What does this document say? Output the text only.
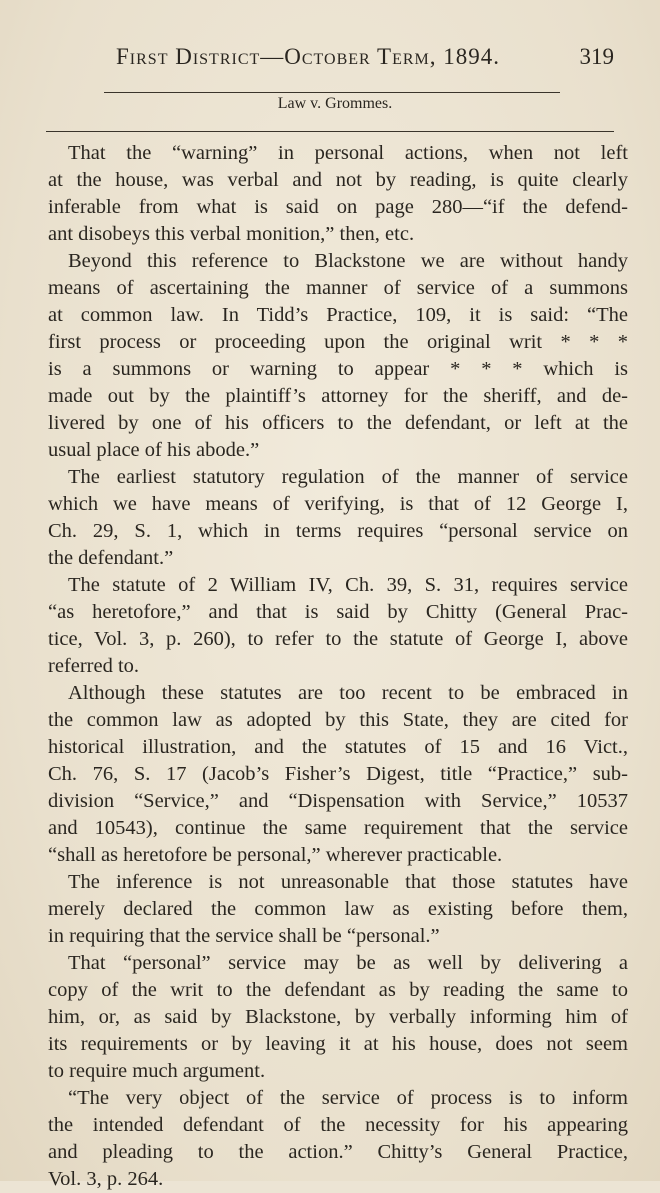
First District—October Term, 1894.	319
Law v. Grommes.
That the “warning” in personal actions, when not left
at the house, was verbal and not by reading, is quite clearly
inferable from what is said on page 280—“if the defend-
ant disobeys this verbal monition,” then, etc.
Beyond this reference to Blackstone we are without handy
means of ascertaining the manner of service of a summons
at common law. In Tidd’s Practice, 109, it is said: “The
first process or proceeding upon the original writ * * *
is a summons or warning to appear * * * which is
made out by the plaintiff’s attorney for the sheriff, and de-
livered by one of his officers to the defendant, or left at the
usual place of his abode.”
The earliest statutory regulation of the manner of service
which we have means of verifying, is that of 12 George I,
Ch. 29, S. 1, which in terms requires “personal service on
the defendant.”
The statute of 2 William IV, Ch. 39, S. 31, requires service
“as heretofore,” and that is said by Chitty (General Prac-
tice, Vol. 3, p. 260), to refer to the statute of George I, above
referred to.
Although these statutes are too recent to be embraced in
the common law as adopted by this State, they are cited for
historical illustration, and the statutes of 15 and 16 Vict.,
Ch. 76, S. 17 (Jacob’s Fisher’s Digest, title “Practice,” sub-
division “Service,” and “Dispensation with Service,” 10537
and 10543), continue the same requirement that the service
“shall as heretofore be personal,” wherever practicable.
The inference is not unreasonable that those statutes have
merely declared the common law as existing before them,
in requiring that the service shall be “personal.”
That “personal” service may be as well by delivering a
copy of the writ to the defendant as by reading the same to
him, or, as said by Blackstone, by verbally informing him of
its requirements or by leaving it at his house, does not seem
to require much argument.
“The very object of the service of process is to inform
the intended defendant of the necessity for his appearing
and pleading to the action.” Chitty’s General Practice,
Vol. 3, p. 264.
